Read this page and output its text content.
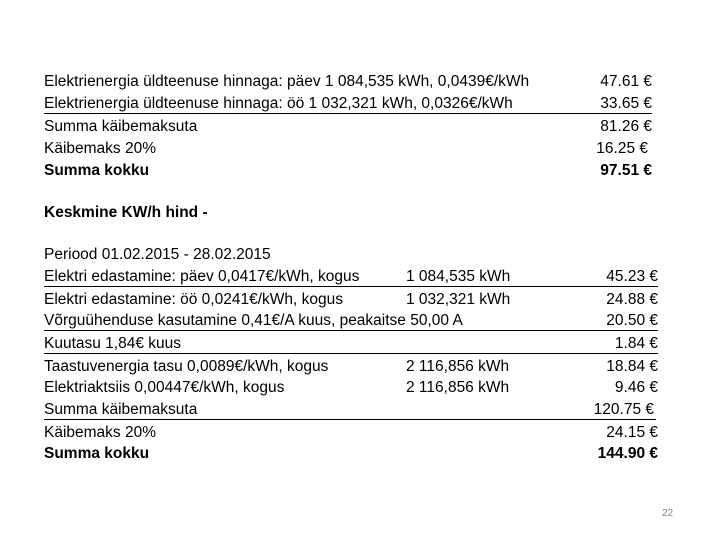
Elektrienergia üldteenuse hinnaga: päev 1 084,535 kWh, 0,0439€/kWh	47.61 €
Elektrienergia üldteenuse hinnaga: öö 1 032,321 kWh, 0,0326€/kWh	33.65 €
Summa käibemaksuta	81.26 €
Käibemaks 20%	16.25 €
Summa kokku	97.51 €
Keskmine KW/h hind -
Periood 01.02.2015 - 28.02.2015
Elektri edastamine: päev 0,0417€/kWh, kogus	1 084,535 kWh	45.23 €
Elektri edastamine: öö 0,0241€/kWh, kogus	1 032,321 kWh	24.88 €
Võrguühenduse kasutamine 0,41€/A kuus, peakaitse 50,00 A	20.50 €
Kuutasu 1,84€ kuus	1.84 €
Taastuvenergia tasu 0,0089€/kWh, kogus	2 116,856 kWh	18.84 €
Elektriaktsiis 0,00447€/kWh, kogus	2 116,856 kWh	9.46 €
Summa käibemaksuta	120.75 €
Käibemaks 20%	24.15 €
Summa kokku	144.90 €
22
